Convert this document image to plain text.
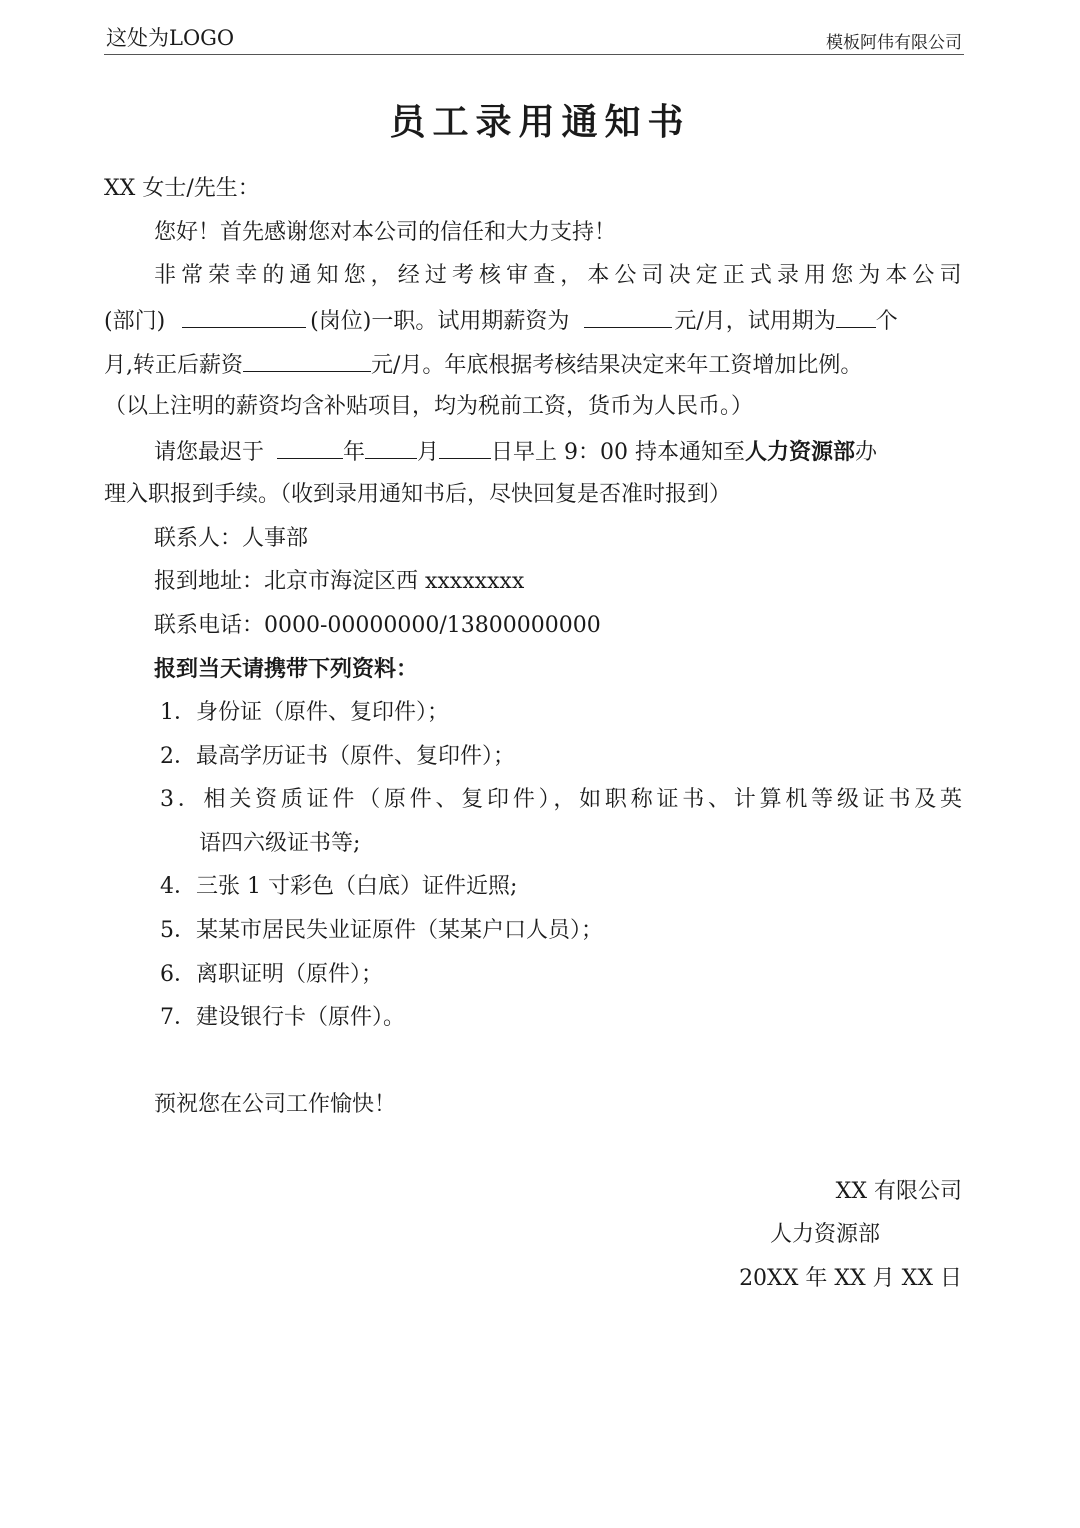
这处为LOGO	模板阿伟有限公司
员工录用通知书
XX 女士/先生：
您好！首先感谢您对本公司的信任和大力支持！
非常荣幸的通知您，经过考核审查，本公司决定正式录用您为本公司
(部门)	(岗位)一职。试用期薪资为	元/月，试用期为 个
月,转正后薪资	元/月。年底根据考核结果决定来年工资增加比例。
（以上注明的薪资均含补贴项目，均为税前工资，货币为人民币。）
请您最迟于	年 月 日早上 9：00 持本通知至人力资源部办
理入职报到手续。（收到录用通知书后，尽快回复是否准时报到）
联系人：人事部
报到地址：北京市海淀区西 xxxxxxxx
联系电话：0000-00000000/13800000000
报到当天请携带下列资料：
1．身份证（原件、复印件）；
2．最高学历证书（原件、复印件）；
3．相关资质证件（原件、复印件），如职称证书、计算机等级证书及英
语四六级证书等;
4．三张 1 寸彩色（白底）证件近照;
5．某某市居民失业证原件（某某户口人员）；
6．离职证明（原件）；
7．建设银行卡（原件）。
预祝您在公司工作愉快！
XX 有限公司
人力资源部
20XX 年 XX 月 XX 日
